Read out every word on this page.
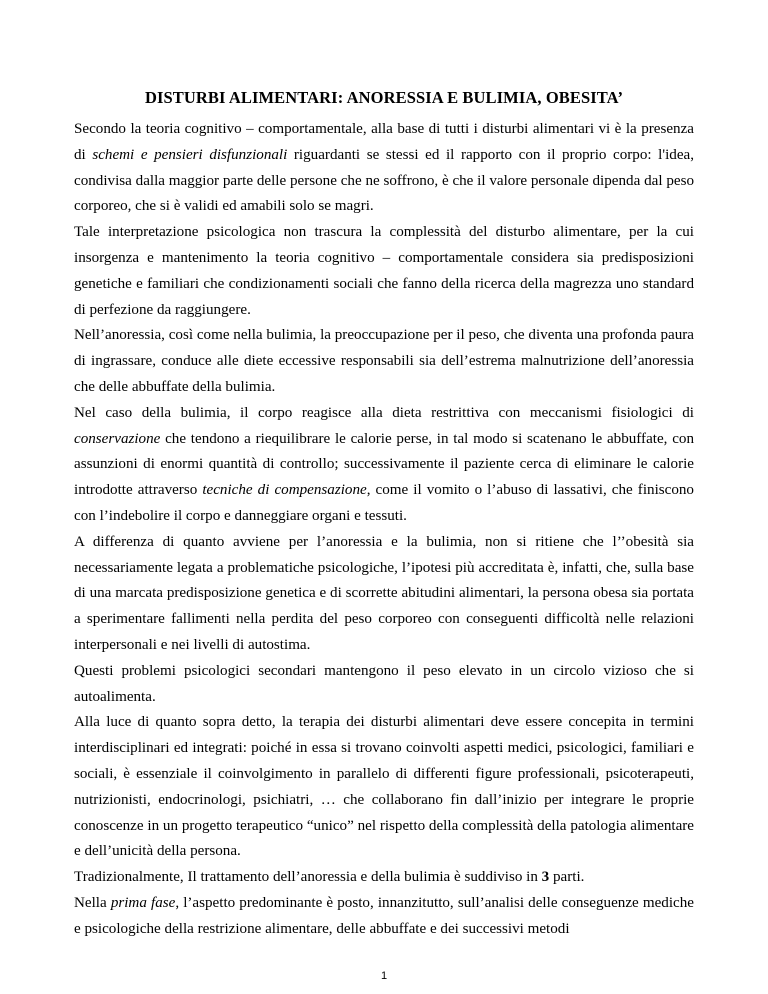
DISTURBI ALIMENTARI: ANORESSIA E BULIMIA, OBESITA’

Secondo la teoria cognitivo – comportamentale, alla base di tutti i disturbi alimentari vi è la presenza di schemi e pensieri disfunzionali riguardanti se stessi ed il rapporto con il proprio corpo: l'idea, condivisa dalla maggior parte delle persone che ne soffrono, è che il valore personale dipenda dal peso corporeo, che si è validi ed amabili solo se magri.

Tale interpretazione psicologica non trascura la complessità del disturbo alimentare, per la cui insorgenza e mantenimento la teoria cognitivo – comportamentale considera sia predisposizioni genetiche e familiari che condizionamenti sociali che fanno della ricerca della magrezza uno standard di perfezione da raggiungere.

Nell’anoressia, così come nella bulimia, la preoccupazione per il peso, che diventa una profonda paura di ingrassare, conduce alle diete eccessive responsabili sia dell’estrema malnutrizione dell’anoressia che delle abbuffate della bulimia.

Nel caso della bulimia, il corpo reagisce alla dieta restrittiva con meccanismi fisiologici di conservazione che tendono a riequilibrare le calorie perse, in tal modo si scatenano le abbuffate, con assunzioni di enormi quantità di controllo; successivamente il paziente cerca di eliminare le calorie introdotte attraverso tecniche di compensazione, come il vomito o l’abuso di lassativi, che finiscono con l’indebolire il corpo e danneggiare organi e tessuti.

A differenza di quanto avviene per l’anoressia e la bulimia, non si ritiene che l’’obesità sia necessariamente legata a problematiche psicologiche, l’ipotesi più accreditata è, infatti, che, sulla base di una marcata predisposizione genetica e di scorrette abitudini alimentari, la persona obesa sia portata a sperimentare fallimenti nella perdita del peso corporeo con conseguenti difficoltà nelle relazioni interpersonali e nei livelli di autostima.

Questi problemi psicologici secondari mantengono il peso elevato in un circolo vizioso che si autoalimenta.

Alla luce di quanto sopra detto, la terapia dei disturbi alimentari deve essere concepita in termini interdisciplinari ed integrati: poiché in essa si trovano coinvolti aspetti medici, psicologici, familiari e sociali, è essenziale il coinvolgimento in parallelo di differenti figure professionali, psicoterapeuti, nutrizionisti, endocrinologi, psichiatri, … che collaborano fin dall’inizio per integrare le proprie conoscenze in un progetto terapeutico “unico” nel rispetto della complessità della patologia alimentare e dell’unicità della persona.

Tradizionalmente, Il trattamento dell’anoressia e della bulimia è suddiviso in 3 parti.

Nella prima fase, l’aspetto predominante è posto, innanzitutto, sull’analisi delle conseguenze mediche e psicologiche della restrizione alimentare, delle abbuffate e dei successivi metodi

1
